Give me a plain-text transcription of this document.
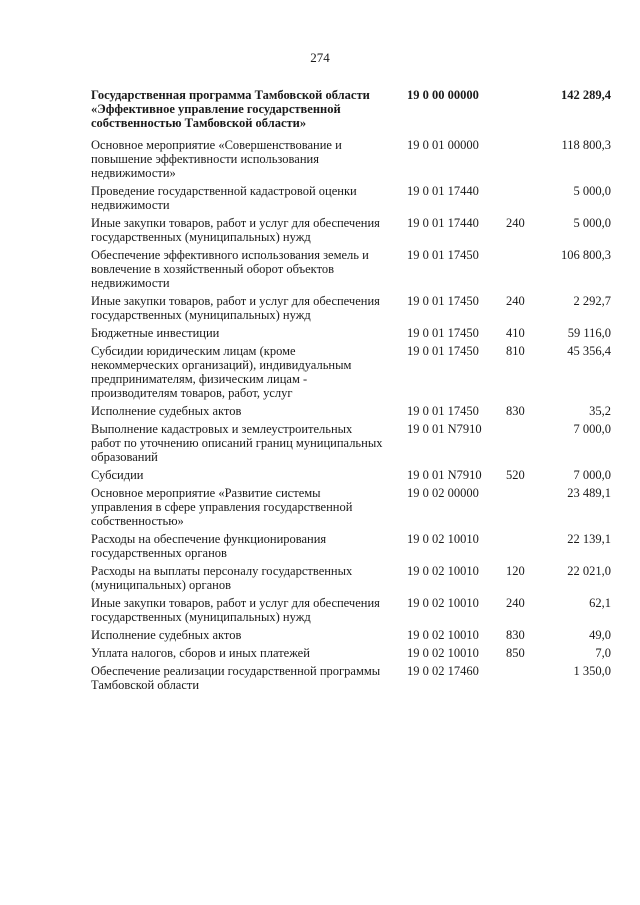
274
Государственная программа Тамбовской области «Эффективное управление государственной собственностью Тамбовской области»
19 0 00 00000	142 289,4
Основное мероприятие «Совершенствование и повышение эффективности использования недвижимости»
19 0 01 00000	118 800,3
Проведение государственной кадастровой оценки недвижимости
19 0 01 17440	5 000,0
Иные закупки товаров, работ и услуг для обеспечения государственных (муниципальных) нужд
19 0 01 17440 240	5 000,0
Обеспечение эффективного использования земель и вовлечение в хозяйственный оборот объектов недвижимости
19 0 01 17450	106 800,3
Иные закупки товаров, работ и услуг для обеспечения государственных (муниципальных) нужд
19 0 01 17450 240	2 292,7
Бюджетные инвестиции	19 0 01 17450 410	59 116,0
Субсидии юридическим лицам (кроме некоммерческих организаций), индивидуальным предпринимателям, физическим лицам - производителям товаров, работ, услуг
19 0 01 17450 810	45 356,4
Исполнение судебных актов	19 0 01 17450 830	35,2
Выполнение кадастровых и землеустроительных работ по уточнению описаний границ муниципальных образований
19 0 01 N7910	7 000,0
Субсидии	19 0 01 N7910 520	7 000,0
Основное мероприятие «Развитие системы управления в сфере управления государственной собственностью»
19 0 02 00000	23 489,1
Расходы на обеспечение функционирования государственных органов
19 0 02 10010	22 139,1
Расходы на выплаты персоналу государственных (муниципальных) органов
19 0 02 10010 120	22 021,0
Иные закупки товаров, работ и услуг для обеспечения государственных (муниципальных) нужд
19 0 02 10010 240	62,1
Исполнение судебных актов	19 0 02 10010 830	49,0
Уплата налогов, сборов и иных платежей	19 0 02 10010 850	7,0
Обеспечение реализации государственной программы Тамбовской области
19 0 02 17460	1 350,0
